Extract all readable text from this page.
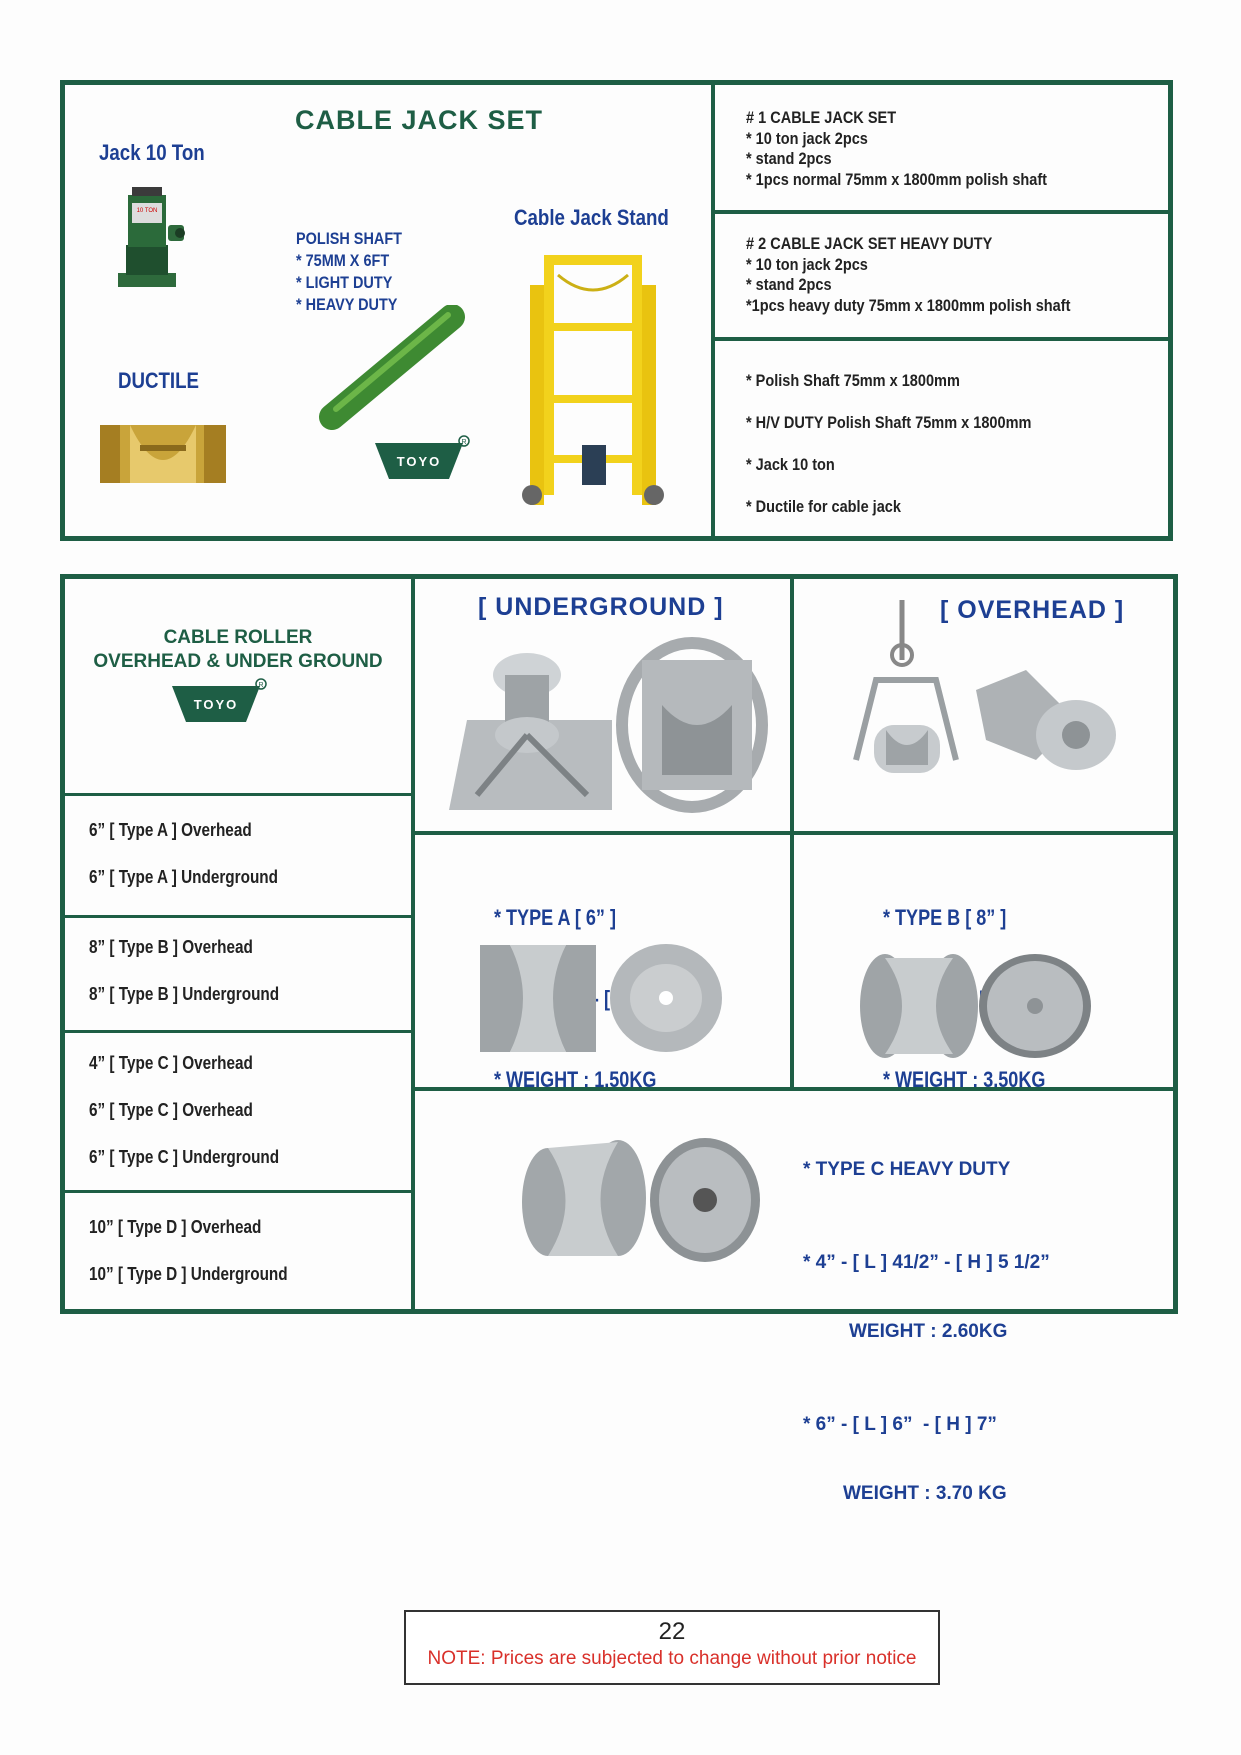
CABLE JACK SET
Jack 10 Ton
DUCTILE
Cable Jack Stand
POLISH SHAFT
* 75MM X 6FT
* LIGHT DUTY
* HEAVY DUTY
10 TON
TOYO
R
# 1 CABLE JACK SET
* 10 ton jack 2pcs
* stand 2pcs
* 1pcs normal 75mm x 1800mm polish shaft
# 2 CABLE JACK SET HEAVY DUTY
* 10 ton jack 2pcs
* stand 2pcs
*1pcs heavy duty 75mm x 1800mm polish shaft
* Polish Shaft 75mm x 1800mm
* H/V DUTY Polish Shaft 75mm x 1800mm
* Jack 10 ton
* Ductile for cable jack
CABLE ROLLER
OVERHEAD & UNDER GROUND
TOYO
R
6” [ Type A ] Overhead
6” [ Type A ] Underground
8” [ Type B ] Overhead
8” [ Type B ] Underground
4” [ Type C ] Overhead
6” [ Type C ] Overhead
6” [ Type C ] Underground
10” [ Type D ] Overhead
10” [ Type D ] Underground
[ UNDERGROUND ]	[ OVERHEAD ]

* TYPE A [ 6” ]

[

* WEIGHT : 1.50KG

* TYPE B [ 8” ]

* WEIGHT : 3.50KG

* TYPE C HEAVY DUTY

* 4” - [ L ] 41/2” - [ H ] 5 1/2”

WEIGHT : 2.60KG

* 6” - [ L ] 6”  - [ H ] 7”

WEIGHT : 3.70 KG

22
NOTE: Prices are subjected to change without prior notice
